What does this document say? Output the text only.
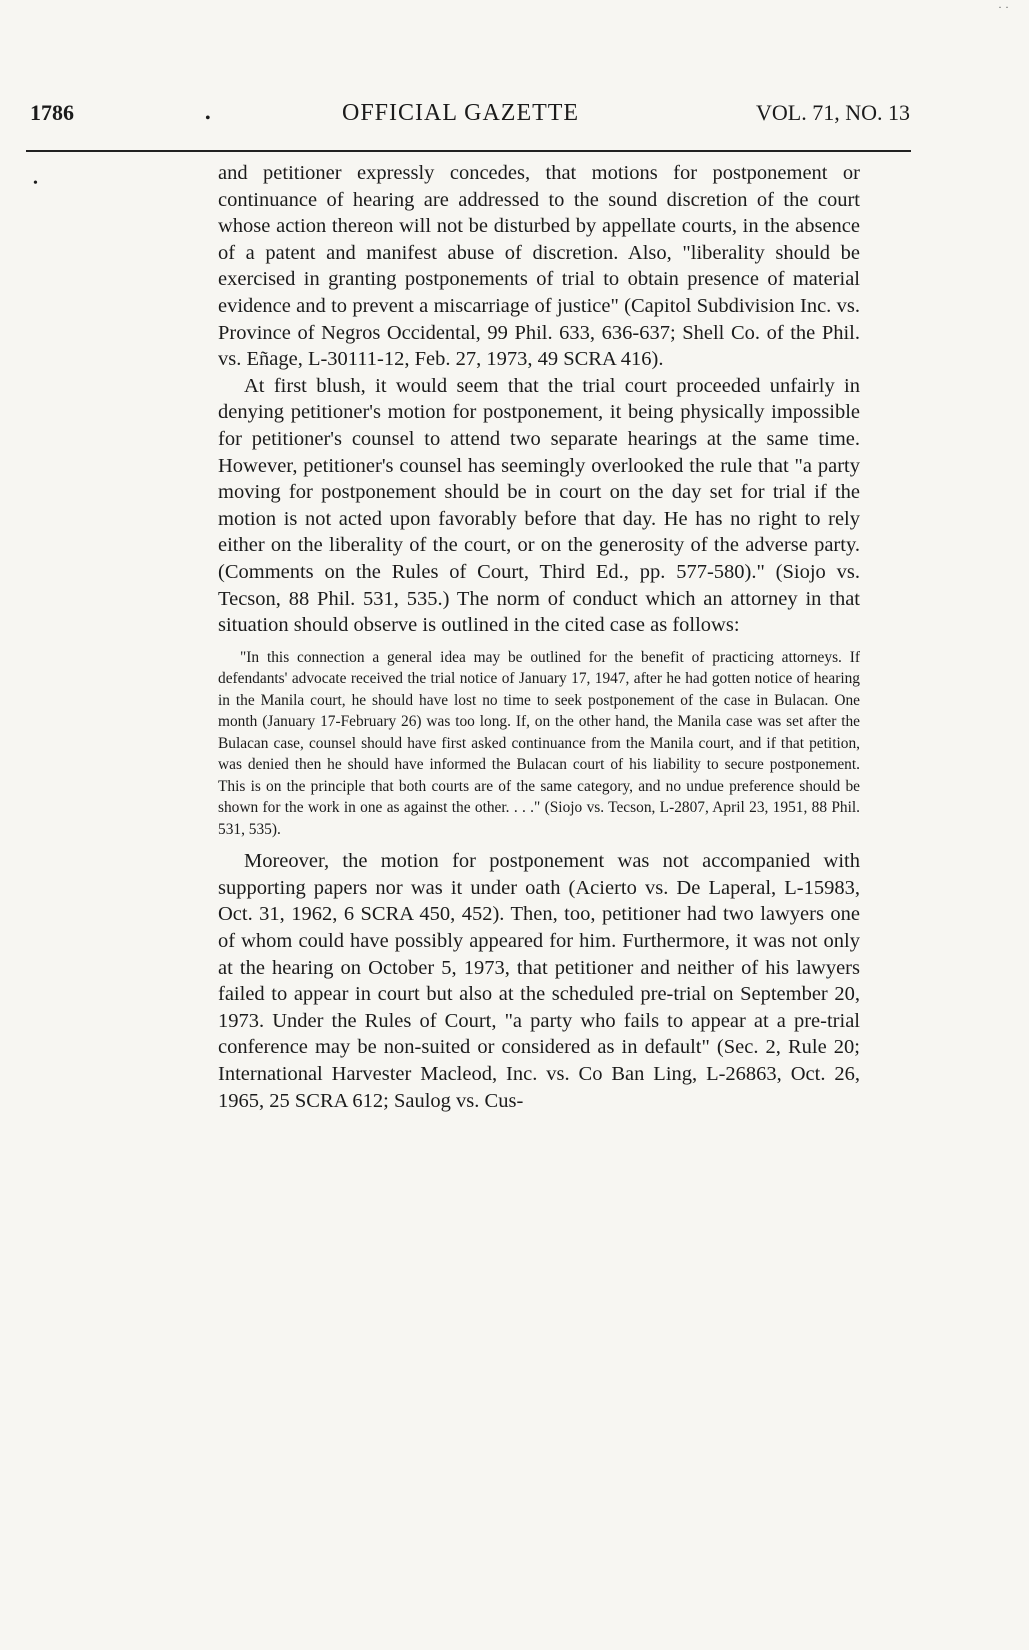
1786	•	OFFICIAL GAZETTE	VOL. 71, NO. 13
•
· ·

and petitioner expressly concedes, that motions for postponement or continuance of hearing are addressed to the sound discretion of the court whose action thereon will not be disturbed by appellate courts, in the absence of a patent and manifest abuse of discretion. Also, "liberality should be exercised in granting postponements of trial to obtain presence of material evidence and to prevent a miscarriage of justice" (Capitol Subdivision Inc. vs. Province of Negros Occidental, 99 Phil. 633, 636-637; Shell Co. of the Phil. vs. Eñage, L-30111-12, Feb. 27, 1973, 49 SCRA 416).

At first blush, it would seem that the trial court proceeded unfairly in denying petitioner's motion for postponement, it being physically impossible for petitioner's counsel to attend two separate hearings at the same time. However, petitioner's counsel has seemingly overlooked the rule that "a party moving for postponement should be in court on the day set for trial if the motion is not acted upon favorably before that day. He has no right to rely either on the liberality of the court, or on the generosity of the adverse party. (Comments on the Rules of Court, Third Ed., pp. 577-580)." (Siojo vs. Tecson, 88 Phil. 531, 535.) The norm of conduct which an attorney in that situation should observe is outlined in the cited case as follows:

"In this connection a general idea may be outlined for the benefit of practicing attorneys. If defendants' advocate received the trial notice of January 17, 1947, after he had gotten notice of hearing in the Manila court, he should have lost no time to seek postponement of the case in Bulacan. One month (January 17-February 26) was too long. If, on the other hand, the Manila case was set after the Bulacan case, counsel should have first asked continuance from the Manila court, and if that petition, was denied then he should have informed the Bulacan court of his liability to secure postponement. This is on the principle that both courts are of the same category, and no undue preference should be shown for the work in one as against the other. . . ." (Siojo vs. Tecson, L-2807, April 23, 1951, 88 Phil. 531, 535).

Moreover, the motion for postponement was not accompanied with supporting papers nor was it under oath (Acierto vs. De Laperal, L-15983, Oct. 31, 1962, 6 SCRA 450, 452). Then, too, petitioner had two lawyers one of whom could have possibly appeared for him. Furthermore, it was not only at the hearing on October 5, 1973, that petitioner and neither of his lawyers failed to appear in court but also at the scheduled pre-trial on September 20, 1973. Under the Rules of Court, "a party who fails to appear at a pre-trial conference may be non-suited or considered as in default" (Sec. 2, Rule 20; International Harvester Macleod, Inc. vs. Co Ban Ling, L-26863, Oct. 26, 1965, 25 SCRA 612; Saulog vs. Cus-
